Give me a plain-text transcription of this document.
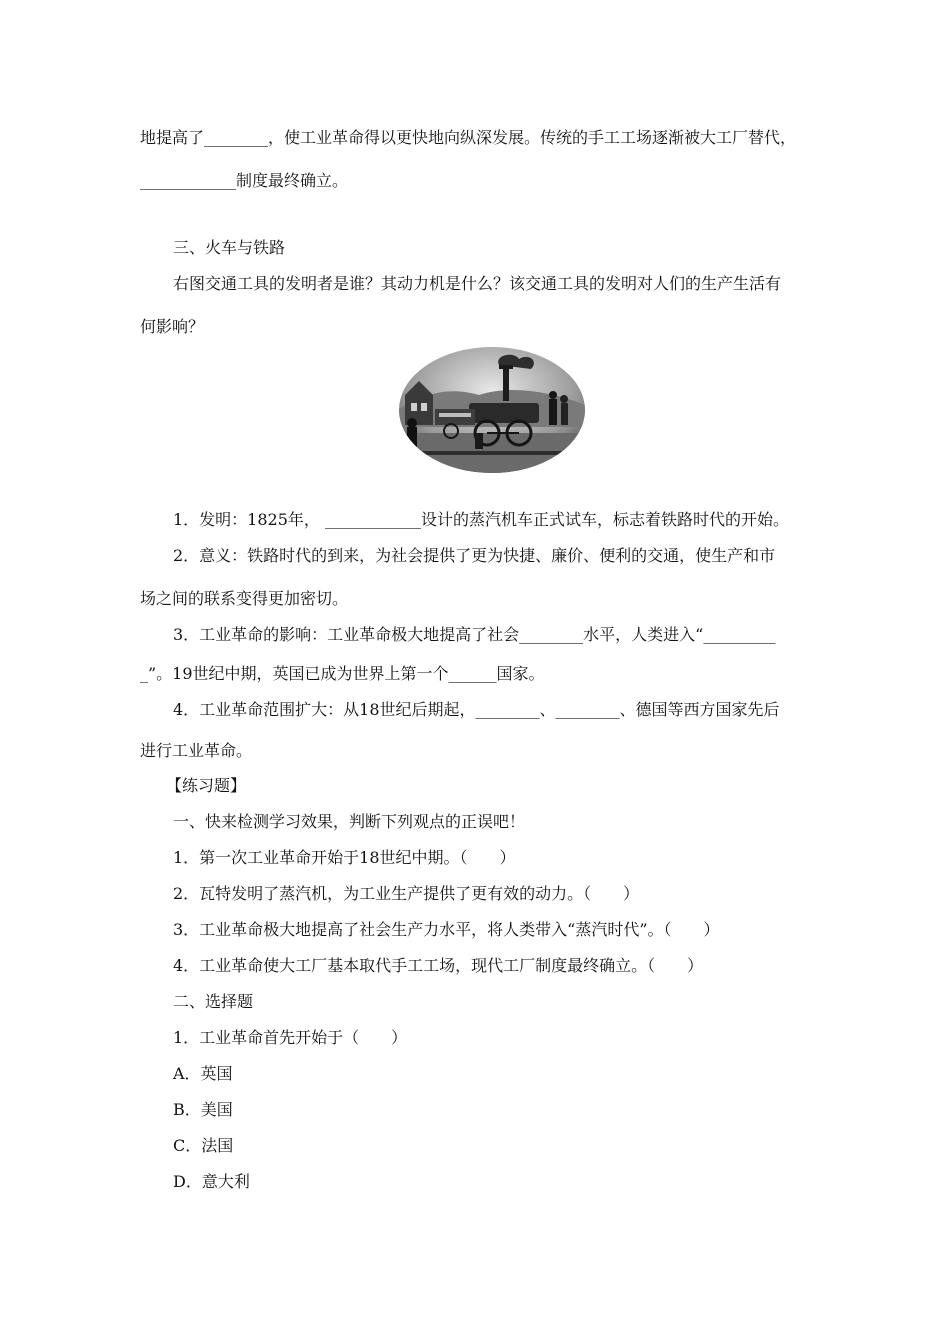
地提高了________，使工业革命得以更快地向纵深发展。传统的手工工场逐渐被大工厂替代，
____________制度最终确立。
三、火车与铁路
右图交通工具的发明者是谁？其动力机是什么？该交通工具的发明对人们的生产生活有
何影响？
1．发明：1825年， ____________设计的蒸汽机车正式试车，标志着铁路时代的开始。
2．意义：铁路时代的到来，为社会提供了更为快捷、廉价、便利的交通，使生产和市
场之间的联系变得更加密切。
3．工业革命的影响：工业革命极大地提高了社会________水平，人类进入“_________
_”。19世纪中期，英国已成为世界上第一个______国家。
4．工业革命范围扩大：从18世纪后期起，________、________、德国等西方国家先后
进行工业革命。
【练习题】
一、快来检测学习效果，判断下列观点的正误吧！
1．第一次工业革命开始于18世纪中期。（　　）
2．瓦特发明了蒸汽机，为工业生产提供了更有效的动力。（　　）
3．工业革命极大地提高了社会生产力水平，将人类带入“蒸汽时代”。（　　）
4．工业革命使大工厂基本取代手工工场，现代工厂制度最终确立。（　　）
二、选择题
1．工业革命首先开始于（　　）
A．英国
B．美国
C．法国
D．意大利
